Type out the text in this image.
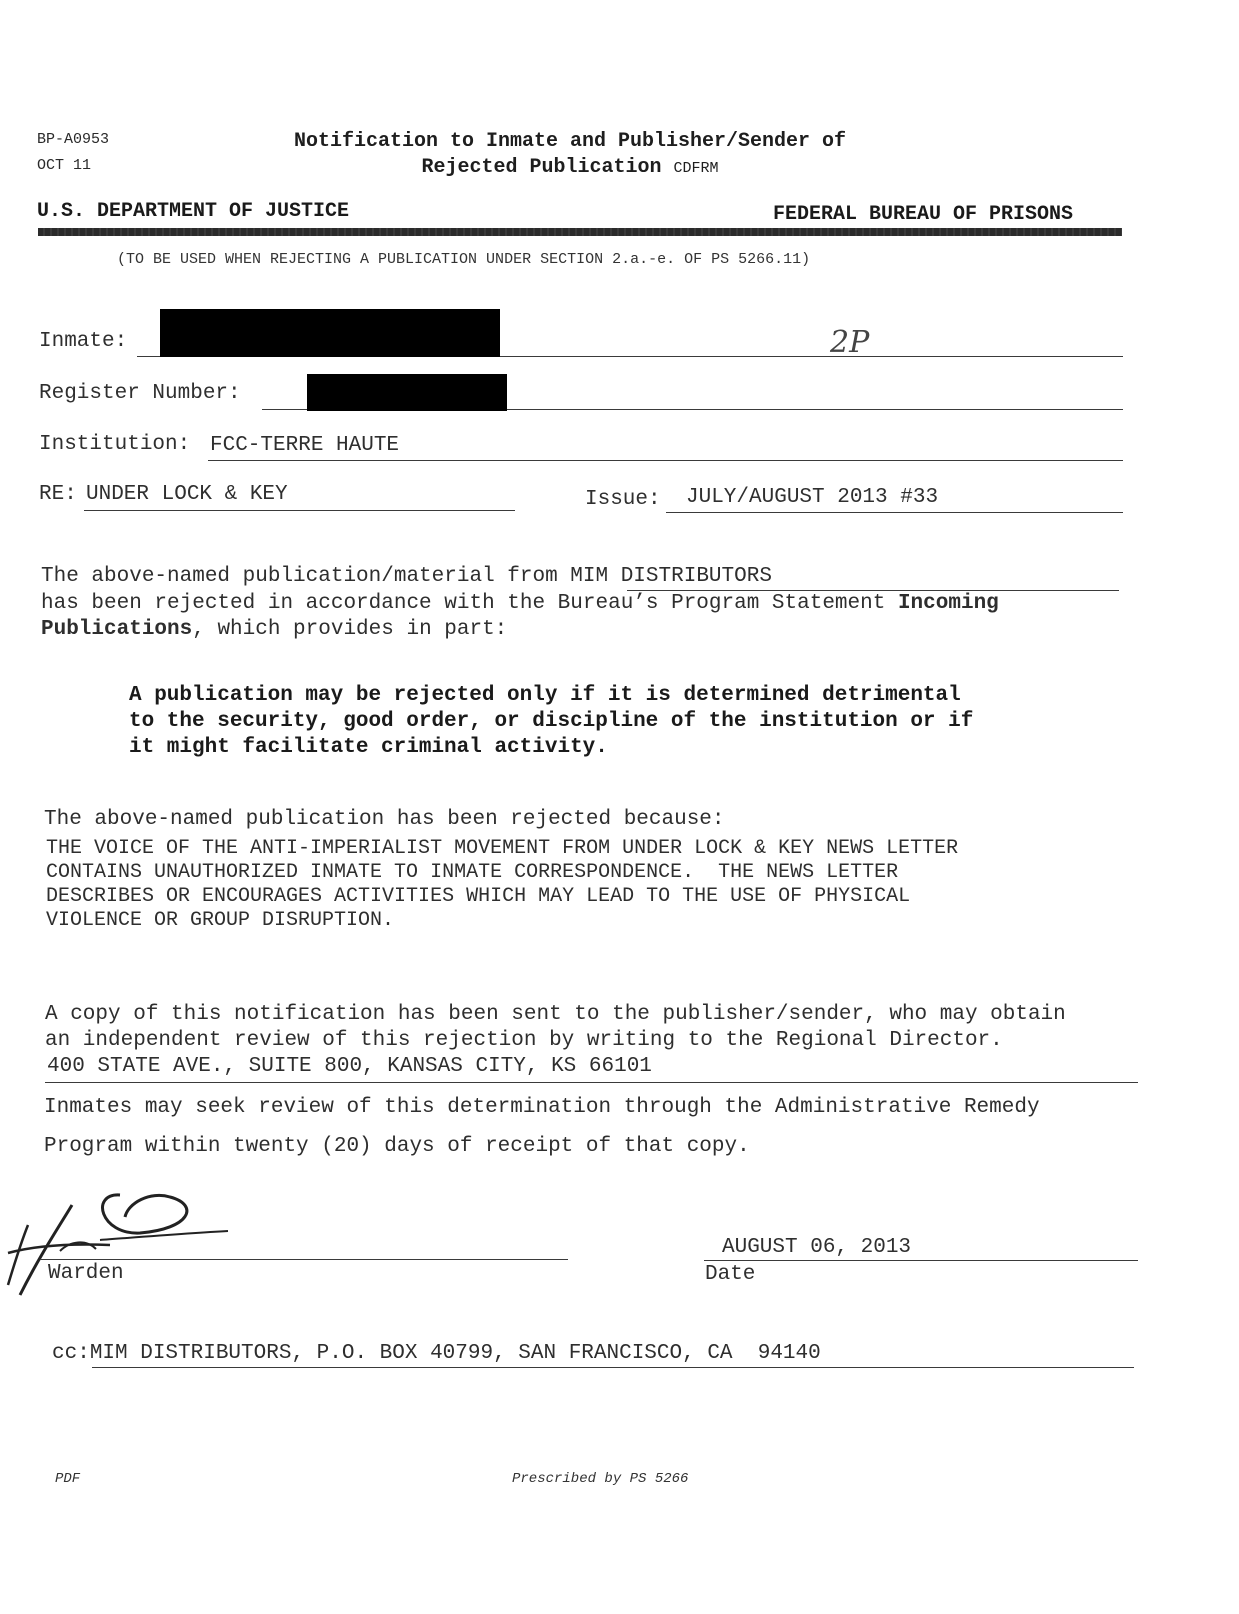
BP-A0953
OCT 11
Notification to Inmate and Publisher/Sender of
Rejected Publication CDFRM
U.S. DEPARTMENT OF JUSTICE	FEDERAL BUREAU OF PRISONS
(TO BE USED WHEN REJECTING A PUBLICATION UNDER SECTION 2.a.-e. OF PS 5266.11)
Inmate:	2P
Register Number:
Institution: FCC-TERRE HAUTE
RE: UNDER LOCK & KEY	Issue: JULY/AUGUST 2013 #33
The above-named publication/material from MIM DISTRIBUTORS
has been rejected in accordance with the Bureau’s Program Statement Incoming
Publications, which provides in part:
A publication may be rejected only if it is determined detrimental
to the security, good order, or discipline of the institution or if
it might facilitate criminal activity.
The above-named publication has been rejected because:
THE VOICE OF THE ANTI-IMPERIALIST MOVEMENT FROM UNDER LOCK & KEY NEWS LETTER
CONTAINS UNAUTHORIZED INMATE TO INMATE CORRESPONDENCE.  THE NEWS LETTER
DESCRIBES OR ENCOURAGES ACTIVITIES WHICH MAY LEAD TO THE USE OF PHYSICAL
VIOLENCE OR GROUP DISRUPTION.
A copy of this notification has been sent to the publisher/sender, who may obtain
an independent review of this rejection by writing to the Regional Director.
400 STATE AVE., SUITE 800, KANSAS CITY, KS 66101
Inmates may seek review of this determination through the Administrative Remedy
Program within twenty (20) days of receipt of that copy.
Warden
AUGUST 06, 2013
Date
cc:MIM DISTRIBUTORS, P.O. BOX 40799, SAN FRANCISCO, CA  94140
PDF	Prescribed by PS 5266
